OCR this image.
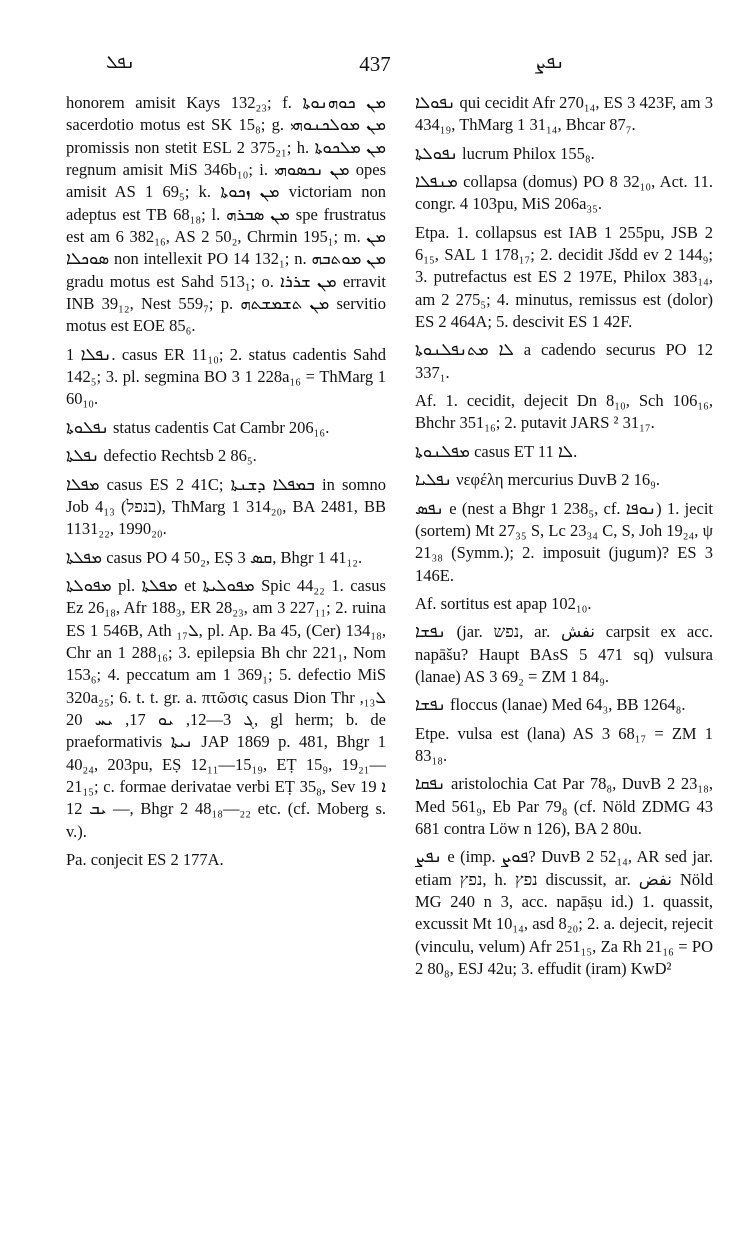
ܢܦܠ	437	ܢܦܨ

honorem amisit Kays 132₂₃; f. ܡܢ ܟܘܗܢܘܬܐ sacerdotio motus est SK 15₈; g. ܡܢ ܡܘܠܟܢܘܗܝ promissis non stetit ESL 2 375₂₁; h. ܡܢ ܡܠܟܘܬܐ regnum amisit MiS 346b₁₀; i. ܡܢ ܢܟܣܘܗܝ opes amisit AS 1 69₅; k. ܡܢ ܙܟܘܬܐ victoriam non adeptus est TB 68₁₈; l. ܡܢ ܣܒܪܗ spe frustratus est am 6 382₁₆, AS 2 50₂, Chrmin 195₁; m. ܡܢ ܣܘܟܠܐ non intellexit PO 14 132₁; n. ܡܢ ܡܘܬܒܗ gradu motus est Sahd 513₁; o. ܡܢ ܫܪܪܐ erravit INB 39₁₂, Nest 559₇; p. ܡܢ ܬܫܡܫܬܗ servitio motus est EOE 85₆.

ܢܦܠܐ 1. casus ER 11₁₀; 2. status cadentis Sahd 142₅; 3. pl. segmina BO 3 1 228a₁₆ = ThMarg 1 60₁₀.

ܢܦܠܘܬܐ status cadentis Cat Cambr 206₁₆.

ܢܦܠܬܐ defectio Rechtsb 2 86₅.

ܡܦܠܐ casus ES 2 41C; ܒܡܦܠܐ ܕܫܢܬܐ in somno Job 4₁₃ (בנפל), ThMarg 1 314₂₀, BA 2481, BB 1131₂₂, 1990₂₀.

ܡܦܠܬܐ casus PO 4 50₂, EṢ ܩܣ 3, Bhgr 1 41₁₂.

ܡܦܘܠܬܐ pl. ܡܦܠܬܐ et ܡܦܘܠܝܬܐ Spic 44₂₂ 1. casus Ez 26₁₈, Afr 188₃, ER 28₂₃, am 3 227₁₁; 2. ruina ES 1 546B, Ath ܠ₁₇, pl. Ap. Ba 45, (Cer) 134₁₈, Chr an 1 288₁₆; 3. epilepsia Bh chr 221₁, Nom 153₆; 4. peccatum am 1 369₁; 5. defectio MiS 320a₂₅; 6. t. t. gr. a. πτῶσις casus Dion Thr ܠ₁₃, ܓ 3—12, ܝܘ 17, ܝܚ 20, gl herm; b. de praeformativis ܢܝܬܐ JAP 1869 p. 481, Bhgr 1 40₂₄, 203pu, EṢ 12₁₁—15₁₉, EṬ 15₉, 19₂₁—21₁₅; c. formae derivatae verbi EṬ 35₈, Sev ܐ 19 — ܝܒ 12, Bhgr 2 48₁₈—₂₂ etc. (cf. Moberg s. v.).

Pa. conjecit ES 2 177A.

ܢܦܘܠܐ qui cecidit Afr 270₁₄, ES 3 423F, am 3 434₁₉, ThMarg 1 31₁₄, Bhcar 87₇.

ܢܦܘܠܬܐ lucrum Philox 155₈.

ܡܢܦܠܐ collapsa (domus) PO 8 32₁₀, Act. 11. congr. 4 103pu, MiS 206a₃₅.

Etpa. 1. collapsus est IAB 1 255pu, JSB 2 6₁₅, SAL 1 178₁₇; 2. decidit Jšdd ev 2 144₉; 3. putrefactus est ES 2 197E, Philox 383₁₄, am 2 275₅; 4. minutus, remissus est (dolor) ES 2 464A; 5. descivit ES 1 42F.

ܠܐ ܡܬܢܦܠܢܘܬܐ a cadendo securus PO 12 337₁.

Af. 1. cecidit, dejecit Dn 8₁₀, Sch 106₁₆, Bhchr 351₁₆; 2. putavit JARS ² 31₁₇.

ܡܦܠܢܘܬܐ casus ET ܠܐ 11.

ܢܦܠܝܐ νεφέλη mercurius DuvB 2 16₉.

ܢܦܣ e (nest a Bhgr 1 238₅, cf. ܢܘܦܐ) 1. jecit (sortem) Mt 27₃₅ S, Lc 23₃₄ C, S, Joh 19₂₄, ψ 21₃₈ (Symm.); 2. imposuit (jugum)? ES 3 146E.

Af. sortitus est apap 102₁₀.

ܢܦܫܐ (jar. נפש, ar. نفش carpsit ex acc. napāšu? Haupt BAsS 5 471 sq) vulsura (lanae) AS 3 69₂ = ZM 1 84₉.

ܢܦܫܐ floccus (lanae) Med 64₃, BB 1264₈.

Etpe. vulsa est (lana) AS 3 68₁₇ = ZM 1 83₁₈.

ܢܦܩܐ aristolochia Cat Par 78₈, DuvB 2 23₁₈, Med 561₉, Eb Par 79₈ (cf. Nöld ZDMG 43 681 contra Löw n 126), BA 2 80u.

ܢܦܨ e (imp. ܦܘܨ? DuvB 2 52₁₄, AR sed jar. etiam נפץ, h. נפץ discussit, ar. نفض Nöld MG 240 n 3, acc. napāṣu id.) 1. quassit, excussit Mt 10₁₄, asd 8₂₀; 2. a. dejecit, rejecit (vinculu, velum) Afr 251₁₅, Za Rh 21₁₆ = PO 2 80₈, ESJ 42u; 3. effudit (iram) KwD²
